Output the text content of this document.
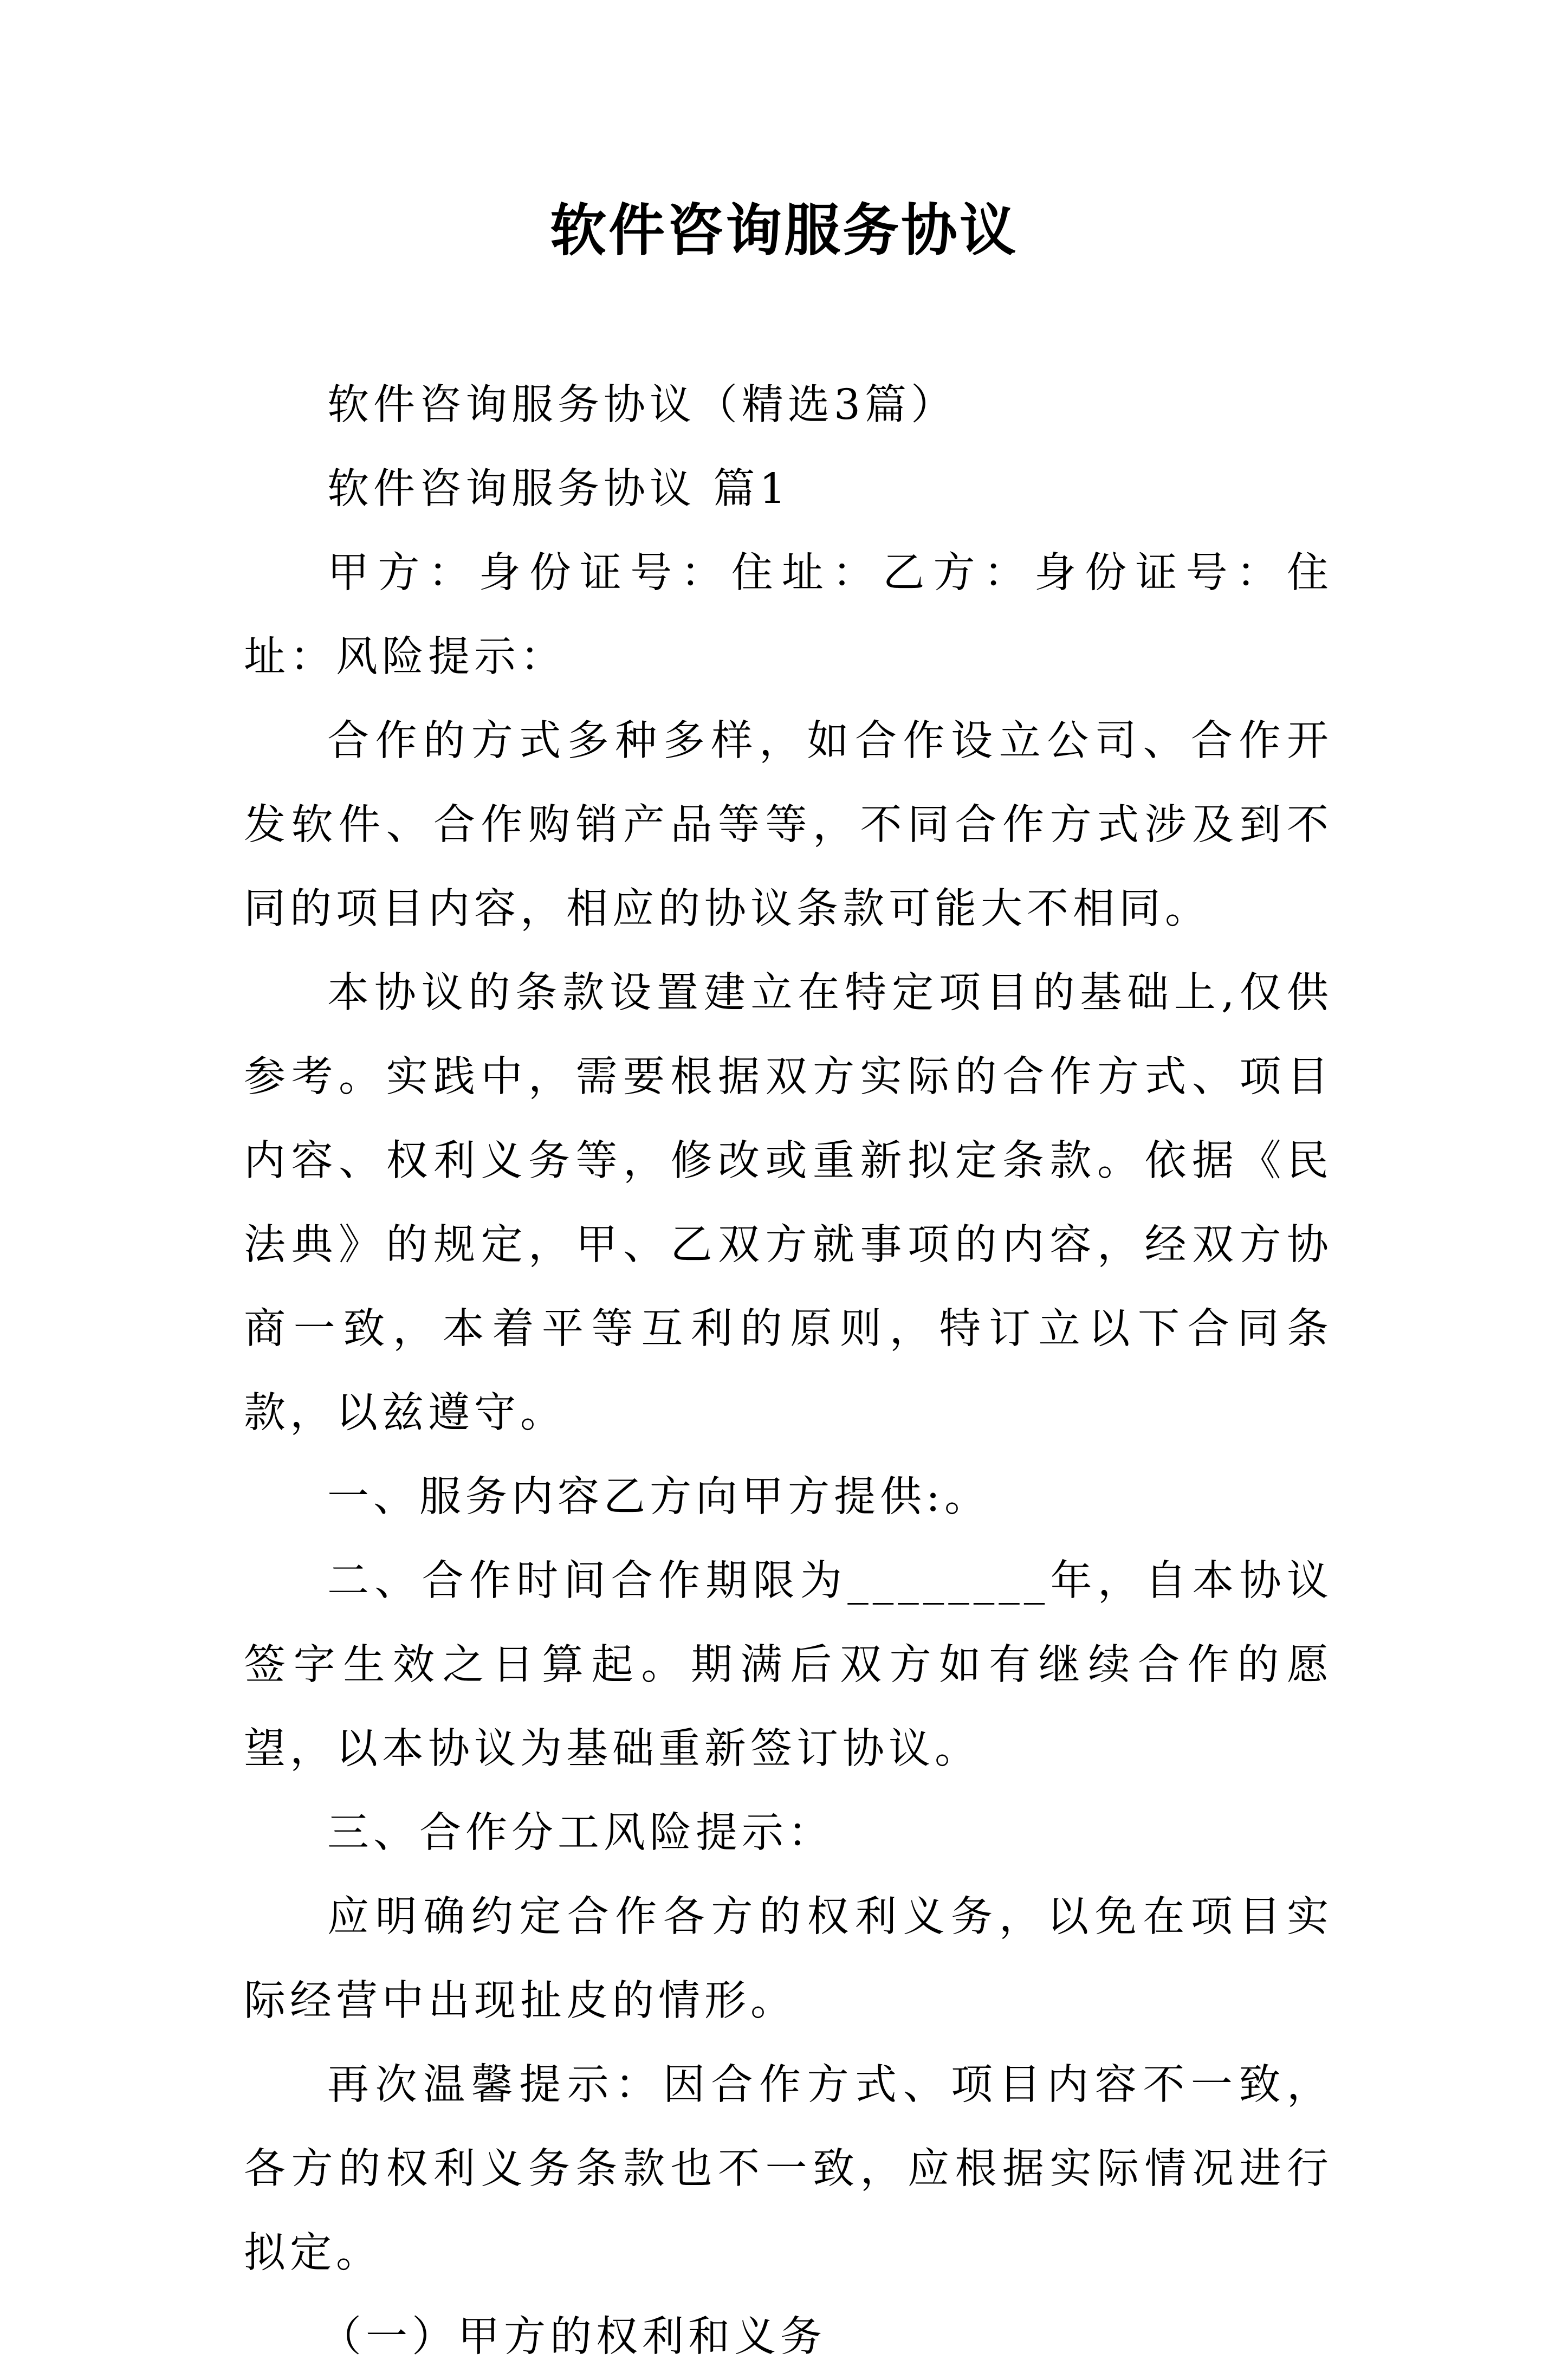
软件咨询服务协议

软件咨询服务协议（精选3篇）

软件咨询服务协议 篇1

甲方：身份证号：住址：乙方：身份证号：住址：风险提示：

合作的方式多种多样，如合作设立公司、合作开发软件、合作购销产品等等，不同合作方式涉及到不同的项目内容，相应的协议条款可能大不相同。

本协议的条款设置建立在特定项目的基础上,仅供参考。实践中，需要根据双方实际的合作方式、项目内容、权利义务等，修改或重新拟定条款。依据《民法典》的规定，甲、乙双方就事项的内容，经双方协商一致，本着平等互利的原则，特订立以下合同条款，以兹遵守。

一、服务内容乙方向甲方提供:。

二、合作时间合作期限为________年，自本协议签字生效之日算起。期满后双方如有继续合作的愿望，以本协议为基础重新签订协议。

三、合作分工风险提示：

应明确约定合作各方的权利义务，以免在项目实际经营中出现扯皮的情形。

再次温馨提示：因合作方式、项目内容不一致，各方的权利义务条款也不一致，应根据实际情况进行拟定。

（一）甲方的权利和义务
